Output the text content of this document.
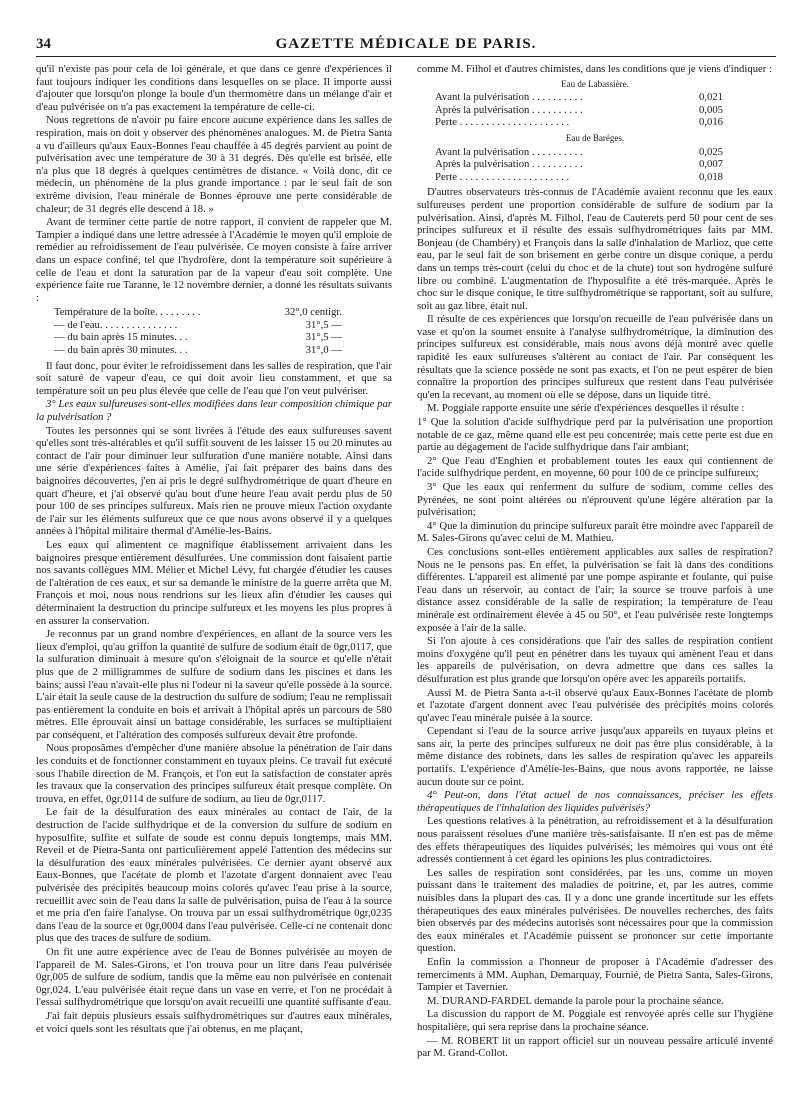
34	GAZETTE MÉDICALE DE PARIS.

qu'il n'existe pas pour cela de loi générale, et que dans ce genre d'expériences il faut toujours indiquer les conditions dans lesquelles on se place. Il importe aussi d'ajouter que lorsqu'on plonge la boule d'un thermomètre dans un mélange d'air et d'eau pulvérisée on n'a pas exactement la température de celle-ci.

Nous regrettons de n'avoir pu faire encore aucune expérience dans les salles de respiration, mais on doit y observer des phénomènes analogues. M. de Pietra Santa a vu d'ailleurs qu'aux Eaux-Bonnes l'eau chauffée à 45 degrés parvient au point de pulvérisation avec une température de 30 à 31 degrés. Dès qu'elle est brisée, elle n'a plus que 18 degrés à quelques centimètres de distance. « Voilà donc, dit ce médecin, un phénomène de la plus grande importance : par le seul fait de son extrême division, l'eau minérale de Bonnes éprouve une perte considérable de chaleur; de 31 degrés elle descend à 18. »

Avant de terminer cette partie de notre rapport, il convient de rappeler que M. Tampier a indiqué dans une lettre adressée à l'Académie le moyen qu'il emploie de remédier au refroidissement de l'eau pulvérisée. Ce moyen consiste à faire arriver dans un espace confiné, tel que l'hydrofère, dont la température soit supérieure à celle de l'eau et dont la saturation par de la vapeur d'eau soit complète. Une expérience faite rue Taranne, le 12 novembre dernier, a donné les résultats suivants :

Température de la boîte. . . . . . . . .	32°,0 centigr.
— de l'eau. . . . . . . . . . . . . . .	31°,5 —
— du bain après 15 minutes. . .	31°,5 —
— du bain après 30 minutes. . .	31°,0 —

Il faut donc, pour éviter le refroidissement dans les salles de respiration, que l'air soit saturé de vapeur d'eau, ce qui doit avoir lieu constamment, et que sa température soit un peu plus élevée que celle de l'eau que l'on veut pulvériser.

3° Les eaux sulfureuses sont-elles modifiées dans leur composition chimique par la pulvérisation ?

Toutes les personnes qui se sont livrées à l'étude des eaux sulfureuses savent qu'elles sont très-altérables et qu'il suffit souvent de les laisser 15 ou 20 minutes au contact de l'air pour diminuer leur sulfuration d'une manière notable. Ainsi dans une série d'expériences faites à Amélie, j'ai fait préparer des bains dans des baignoires découvertes, j'en ai pris le degré sulfhydrométrique de quart d'heure en quart d'heure, et j'ai observé qu'au bout d'une heure l'eau avait perdu plus de 50 pour 100 de ses principes sulfureux. Mais rien ne prouve mieux l'action oxydante de l'air sur les éléments sulfureux que ce que nous avons observé il y a quelques années à l'hôpital militaire thermal d'Amélie-les-Bains.

Les eaux qui alimentent ce magnifique établissement arrivaient dans les baignoires presque entièrement désulfurées. Une commission dont faisaient partie nos savants collègues MM. Mélier et Michel Lévy, fut chargée d'étudier les causes de l'altération de ces eaux, et sur sa demande le ministre de la guerre arrêta que M. François et moi, nous nous rendrions sur les lieux afin d'étudier les causes qui déterminaient la destruction du principe sulfureux et les moyens les plus propres à en assurer la conservation.

Je reconnus par un grand nombre d'expériences, en allant de la source vers les lieux d'emploi, qu'au griffon la quantité de sulfure de sodium était de 0gr,0117, que la sulfuration diminuait à mesure qu'on s'éloignait de la source et qu'elle n'était plus que de 2 milligrammes de sulfure de sodium dans les piscines et dans les bains; aussi l'eau n'avait-elle plus ni l'odeur ni la saveur qu'elle possède à la source. L'air était la seule cause de la destruction du sulfure de sodium; l'eau ne remplissait pas entièrement la conduite en bois et arrivait à l'hôpital après un parcours de 580 mètres. Elle éprouvait ainsi un battage considérable, les surfaces se multipliaient par conséquent, et l'altération des composés sulfureux devait être profonde.

Nous proposâmes d'empêcher d'une manière absolue la pénétration de l'air dans les conduits et de fonctionner constamment en tuyaux pleins. Ce travail fut exécuté sous l'habile direction de M. François, et l'on eut la satisfaction de constater après les travaux que la conservation des principes sulfureux était presque complète. On trouva, en effet, 0gr,0114 de sulfure de sodium, au lieu de 0gr,0117.

Le fait de la désulfuration des eaux minérales au contact de l'air, de la destruction de l'acide sulfhydrique et de la conversion du sulfure de sodium en hyposulfite, sulfite et sulfate de soude est connu depuis longtemps, mais MM. Reveil et de Pietra-Santa ont particulièrement appelé l'attention des médecins sur la désulfuration des eaux minérales pulvérisées. Ce dernier ayant observé aux Eaux-Bonnes, que l'acétate de plomb et l'azotate d'argent donnaient avec l'eau pulvérisée des précipités beaucoup moins colorés qu'avec l'eau prise à la source, recueillit avec soin de l'eau dans la salle de pulvérisation, puisa de l'eau à la source et me pria d'en faire l'analyse. On trouva par un essai sulfhydrométrique 0gr,0235 dans l'eau de la source et 0gr,0004 dans l'eau pulvérisée. Celle-ci ne contenait donc plus que des traces de sulfure de sodium.

On fit une autre expérience avec de l'eau de Bonnes pulvérisée au moyen de l'appareil de M. Sales-Girons, et l'on trouva pour un litre dans l'eau pulvérisée 0gr,005 de sulfure de sodium, tandis que la même eau non pulvérisée en contenait 0gr,024. L'eau pulvérisée était reçue dans un vase en verre, et l'on ne procédait à l'essai sulfhydrométrique que lorsqu'on avait recueilli une quantité suffisante d'eau.

J'ai fait depuis plusieurs essais sulfhydrométriques sur d'autres eaux minérales, et voici quels sont les résultats que j'ai obtenus, en me plaçant,

comme M. Filhol et d'autres chimistes, dans les conditions que je viens d'indiquer :

Eau de Labassière.
Avant la pulvérisation . . . . . . . . . .	0,021
Après la pulvérisation . . . . . . . . . .	0,005
Perte . . . . . . . . . . . . . . . . . . . . .	0,016
Eau de Baréges.
Avant la pulvérisation . . . . . . . . . .	0,025
Après la pulvérisation . . . . . . . . . .	0,007
Perte . . . . . . . . . . . . . . . . . . . . .	0,018

D'autres observateurs très-connus de l'Académie avaient reconnu que les eaux sulfureuses perdent une proportion considérable de sulfure de sodium par la pulvérisation. Ainsi, d'après M. Filhol, l'eau de Cauterets perd 50 pour cent de ses principes sulfureux et il résulte des essais sulfhydrométriques faits par MM. Bonjeau (de Chambéry) et François dans la salle d'inhalation de Marlioz, que cette eau, par le seul fait de son brisement en gerbe contre un disque conique, a perdu dans un temps très-court (celui du choc et de la chute) tout son hydrogène sulfuré libre ou combiné. L'augmentation de l'hyposulfite a été très-marquée. Après le choc sur le disque conique, le titre sulfhydrométrique se rapportant, soit au sulfure, soit au gaz libre, était nul.

Il résulte de ces expériences que lorsqu'on recueille de l'eau pulvérisée dans un vase et qu'on la soumet ensuite à l'analyse sulfhydrométrique, la diminution des principes sulfureux est considérable, mais nous avons déjà montré avec quelle rapidité les eaux sulfureuses s'altèrent au contact de l'air. Par conséquent les résultats que la science possède ne sont pas exacts, et l'on ne peut espérer de bien connaître la proportion des principes sulfureux que restent dans l'eau pulvérisée qu'en la recevant, au moment où elle se dépose, dans un liquide titré.

M. Poggiale rapporte ensuite une série d'expériences desquelles il résulte :

1° Que la solution d'acide sulfhydrique perd par la pulvérisation une proportion notable de ce gaz, même quand elle est peu concentrée; mais cette perte est due en partie au dégagement de l'acide sulfhydrique dans l'air ambiant;

2° Que l'eau d'Enghien et probablement toutes les eaux qui contiennent de l'acide sulfhydrique perdent, en moyenne, 60 pour 100 de ce principe sulfureux;

3° Que les eaux qui renferment du sulfure de sodium, comme celles des Pyrénées, ne sont point altérées ou n'éprouvent qu'une légère altération par la pulvérisation;

4° Que la diminution du principe sulfureux paraît être moindre avec l'appareil de M. Sales-Girons qu'avec celui de M. Mathieu.

Ces conclusions sont-elles entièrement applicables aux salles de respiration? Nous ne le pensons pas. En effet, la pulvérisation se fait là dans des conditions différentes. L'appareil est alimenté par une pompe aspirante et foulante, qui puise l'eau dans un réservoir, au contact de l'air; la source se trouve parfois à une distance assez considérable de la salle de respiration; la température de l'eau minérale est ordinairement élevée à 45 ou 50°, et l'eau pulvérisée reste longtemps exposée à l'air de la salle.

Si l'on ajoute à ces considérations que l'air des salles de respiration contient moins d'oxygène qu'il peut en pénétrer dans les tuyaux qui amènent l'eau et dans les appareils de pulvérisation, on devra admettre que dans ces salles la désulfuration est plus grande que lorsqu'on opère avec les appareils portatifs.

Aussi M. de Pietra Santa a-t-il observé qu'aux Eaux-Bonnes l'acétate de plomb et l'azotate d'argent donnent avec l'eau pulvérisée des précipités moins colorés qu'avec l'eau minérale puisée à la source.

Cependant si l'eau de la source arrive jusqu'aux appareils en tuyaux pleins et sans air, la perte des principes sulfureux ne doit pas être plus considérable, à la même distance des robinets, dans les salles de respiration qu'avec les appareils portatifs. L'expérience d'Amélie-les-Bains, que nous avons rapportée, ne laisse aucun doute sur ce point.

4° Peut-on, dans l'état actuel de nos connaissances, préciser les effets thérapeutiques de l'inhalation des liquides pulvérisés?

Les questions relatives à la pénétration, au refroidissement et à la désulfuration nous paraissent résolues d'une manière très-satisfaisante. Il n'en est pas de même des effets thérapeutiques des liquides pulvérisés; les mémoires qui vous ont été adressés contiennent à cet égard les opinions les plus contradictoires.

Les salles de respiration sont considérées, par les uns, comme un moyen puissant dans le traitement des maladies de poitrine, et, par les autres, comme nuisibles dans la plupart des cas. Il y a donc une grande incertitude sur les effets thérapeutiques des eaux minérales pulvérisées. De nouvelles recherches, des faits bien observés par des médecins autorisés sont nécessaires pour que la commission des eaux minérales et l'Académie puissent se prononcer sur cette importante question.

Enfin la commission a l'honneur de proposer à l'Académie d'adresser des remerciments à MM. Auphan, Demarquay, Fournié, de Pietra Santa, Sales-Girons, Tampier et Tavernier.

M. DURAND-FARDEL demande la parole pour la prochaine séance.

La discussion du rapport de M. Poggiale est renvoyée après celle sur l'hygiène hospitalière, qui sera reprise dans la prochaine séance.

— M. ROBERT lit un rapport officiel sur un nouveau pessaire articulé inventé par M. Grand-Collot.
